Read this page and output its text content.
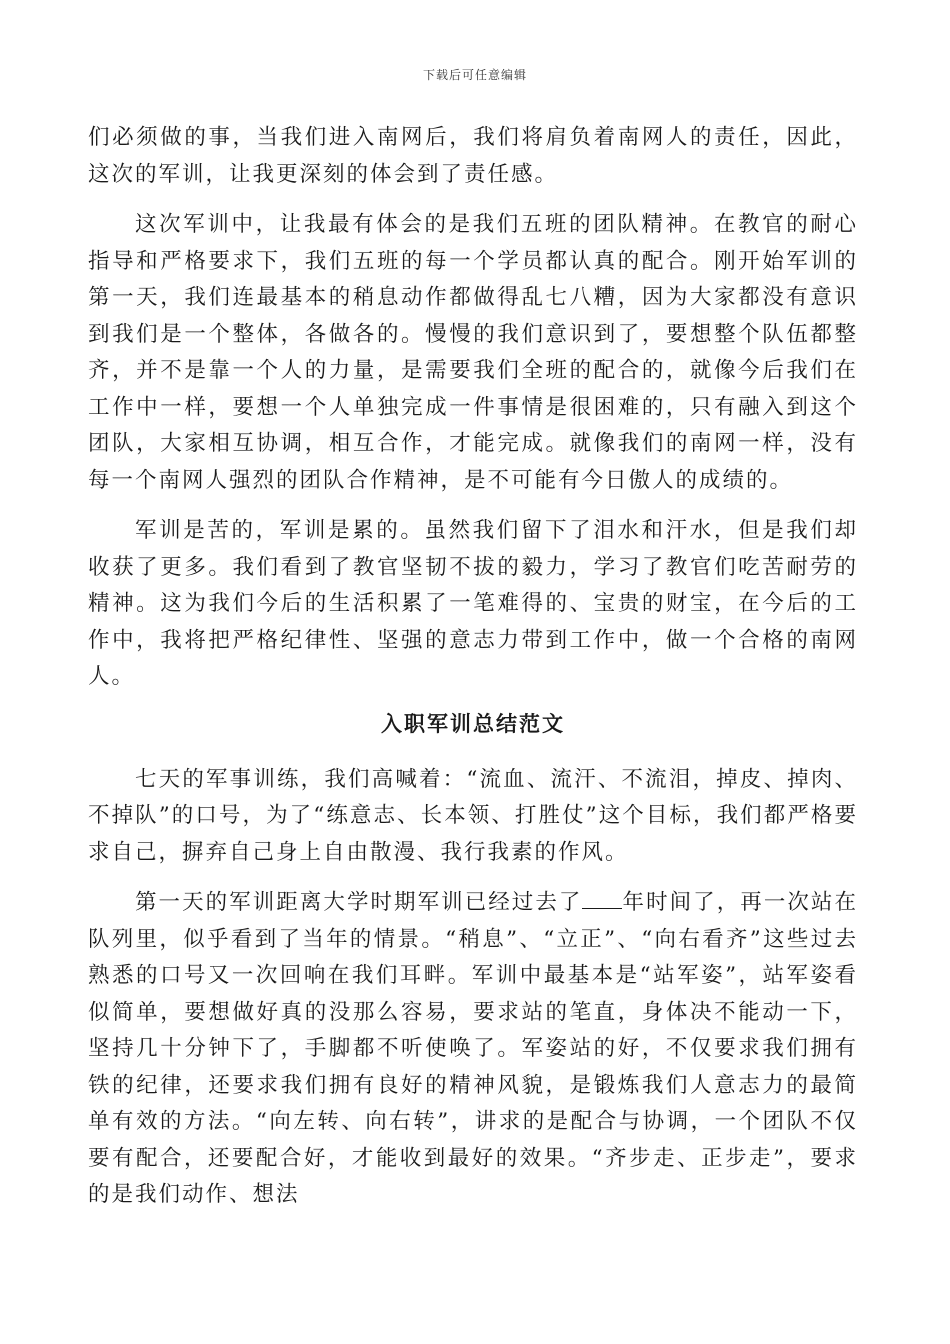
下载后可任意编辑

们必须做的事，当我们进入南网后，我们将肩负着南网人的责任，因此，这次的军训，让我更深刻的体会到了责任感。

这次军训中，让我最有体会的是我们五班的团队精神。在教官的耐心指导和严格要求下，我们五班的每一个学员都认真的配合。刚开始军训的第一天，我们连最基本的稍息动作都做得乱七八糟，因为大家都没有意识到我们是一个整体，各做各的。慢慢的我们意识到了，要想整个队伍都整齐，并不是靠一个人的力量，是需要我们全班的配合的，就像今后我们在工作中一样，要想一个人单独完成一件事情是很困难的，只有融入到这个团队，大家相互协调，相互合作，才能完成。就像我们的南网一样，没有每一个南网人强烈的团队合作精神，是不可能有今日傲人的成绩的。

军训是苦的，军训是累的。虽然我们留下了泪水和汗水，但是我们却收获了更多。我们看到了教官坚韧不拔的毅力，学习了教官们吃苦耐劳的精神。这为我们今后的生活积累了一笔难得的、宝贵的财宝，在今后的工作中，我将把严格纪律性、坚强的意志力带到工作中，做一个合格的南网人。

入职军训总结范文

七天的军事训练，我们高喊着：“流血、流汗、不流泪，掉皮、掉肉、不掉队”的口号，为了“练意志、长本领、打胜仗”这个目标，我们都严格要求自己，摒弃自己身上自由散漫、我行我素的作风。

第一天的军训距离大学时期军训已经过去了 年时间了，再一次站在队列里，似乎看到了当年的情景。“稍息”、“立正”、“向右看齐”这些过去熟悉的口号又一次回响在我们耳畔。军训中最基本是“站军姿”，站军姿看似简单，要想做好真的没那么容易，要求站的笔直，身体决不能动一下，坚持几十分钟下了，手脚都不听使唤了。军姿站的好，不仅要求我们拥有铁的纪律，还要求我们拥有良好的精神风貌，是锻炼我们人意志力的最简单有效的方法。“向左转、向右转”，讲求的是配合与协调，一个团队不仅要有配合，还要配合好，才能收到最好的效果。“齐步走、正步走”，要求的是我们动作、想法
